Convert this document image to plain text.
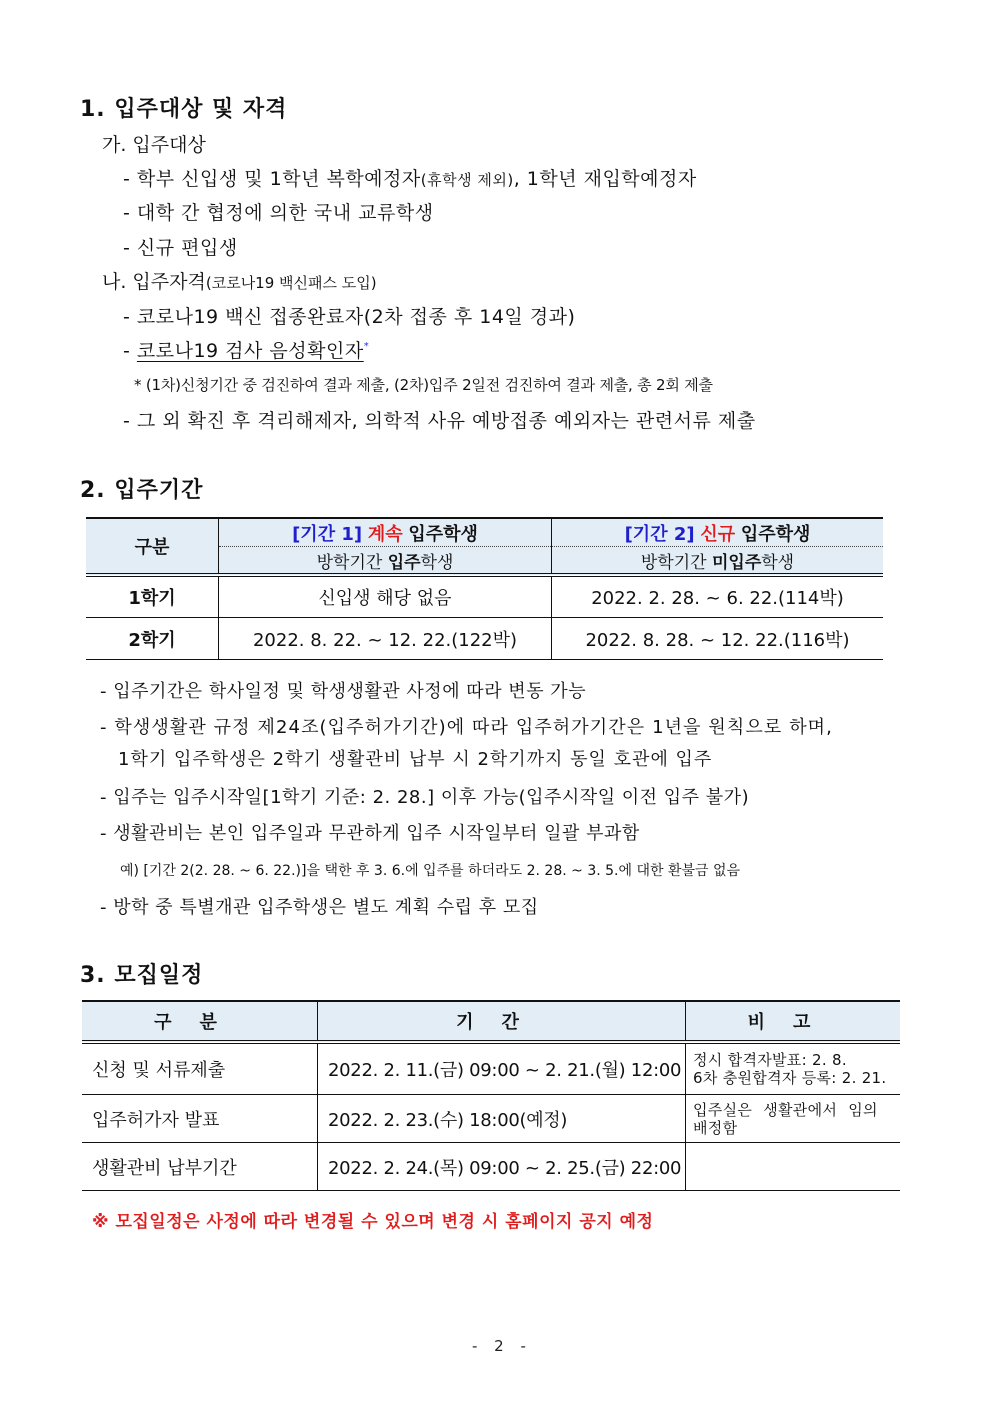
1. 입주대상 및 자격
가. 입주대상
- 학부 신입생 및 1학년 복학예정자(휴학생 제외), 1학년 재입학예정자
- 대학 간 협정에 의한 국내 교류학생
- 신규 편입생
나. 입주자격(코로나19 백신패스 도입)
- 코로나19 백신 접종완료자(2차 접종 후 14일 경과)
- 코로나19 검사 음성확인자*
* (1차)신청기간 중 검진하여 결과 제출, (2차)입주 2일전 검진하여 결과 제출, 총 2회 제출
- 그 외 확진 후 격리해제자, 의학적 사유 예방접종 예외자는 관련서류 제출
2. 입주기간
구분	[기간 1] 계속 입주학생	[기간 2] 신규 입주학생
	방학기간 입주학생	방학기간 미입주학생
1학기	신입생 해당 없음	2022. 2. 28. ~ 6. 22.(114박)
2학기	2022. 8. 22. ~ 12. 22.(122박)	2022. 8. 28. ~ 12. 22.(116박)
- 입주기간은 학사일정 및 학생생활관 사정에 따라 변동 가능
- 학생생활관 규정 제24조(입주허가기간)에 따라 입주허가기간은 1년을 원칙으로 하며,
1학기 입주학생은 2학기 생활관비 납부 시 2학기까지 동일 호관에 입주
- 입주는 입주시작일[1학기 기준: 2. 28.] 이후 가능(입주시작일 이전 입주 불가)
- 생활관비는 본인 입주일과 무관하게 입주 시작일부터 일괄 부과함
예) [기간 2(2. 28. ~ 6. 22.)]을 택한 후 3. 6.에 입주를 하더라도 2. 28. ~ 3. 5.에 대한 환불금 없음
- 방학 중 특별개관 입주학생은 별도 계획 수립 후 모집
3. 모집일정
구분	기간	비고
신청 및 서류제출	2022. 2. 11.(금) 09:00 ~ 2. 21.(월) 12:00	정시 합격자발표: 2. 8.
6차 충원합격자 등록: 2. 21.

입주허가자 발표	2022. 2. 23.(수) 18:00(예정)	입주실은 생활관에서 임의
배정함

생활관비 납부기간	2022. 2. 24.(목) 09:00 ~ 2. 25.(금) 22:00	
※ 모집일정은 사정에 따라 변경될 수 있으며 변경 시 홈페이지 공지 예정
- 2 -
